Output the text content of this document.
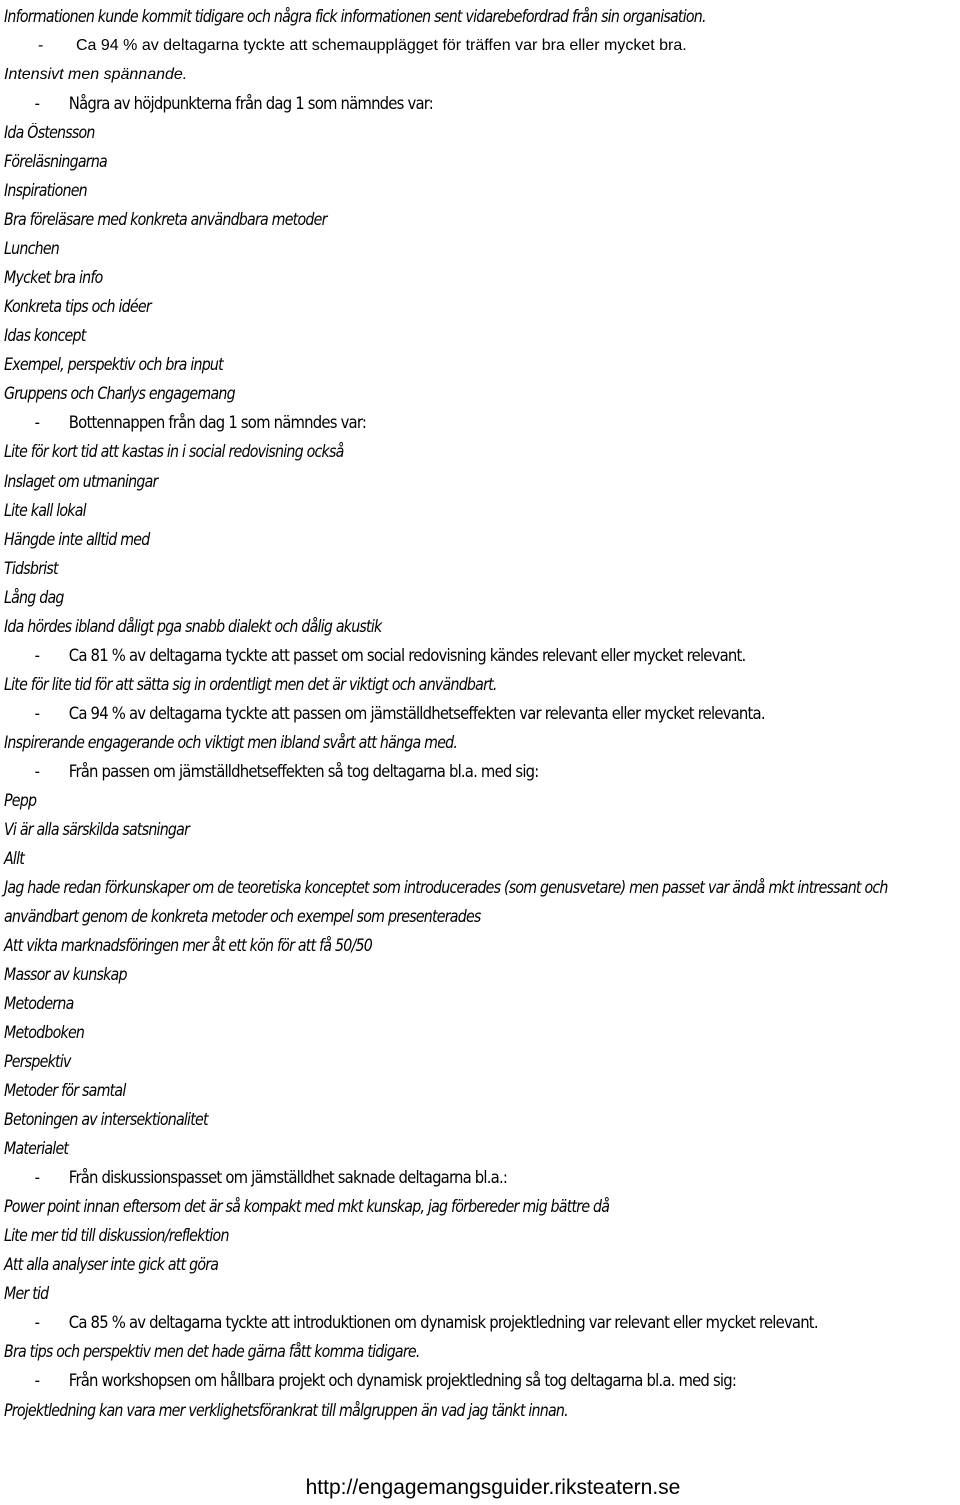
Informationen kunde kommit tidigare och några fick informationen sent vidarebefordrad från sin organisation.
- Ca 94 % av deltagarna tyckte att schemaupplägget för träffen var bra eller mycket bra.
Intensivt men spännande.
- Några av höjdpunkterna från dag 1 som nämndes var:
Ida Östensson
Föreläsningarna
Inspirationen
Bra föreläsare med konkreta användbara metoder
Lunchen
Mycket bra info
Konkreta tips och idéer
Idas koncept
Exempel, perspektiv och bra input
Gruppens och Charlys engagemang
- Bottennappen från dag 1 som nämndes var:
Lite för kort tid att kastas in i social redovisning också
Inslaget om utmaningar
Lite kall lokal
Hängde inte alltid med
Tidsbrist
Lång dag
Ida hördes ibland dåligt pga snabb dialekt och dålig akustik
- Ca 81 % av deltagarna tyckte att passet om social redovisning kändes relevant eller mycket relevant.
Lite för lite tid för att sätta sig in ordentligt men det är viktigt och användbart.
- Ca 94 % av deltagarna tyckte att passen om jämställdhetseffekten var relevanta eller mycket relevanta.
Inspirerande engagerande och viktigt men ibland svårt att hänga med.
- Från passen om jämställdhetseffekten så tog deltagarna bl.a. med sig:
Pepp
Vi är alla särskilda satsningar
Allt
Jag hade redan förkunskaper om de teoretiska konceptet som introducerades (som genusvetare) men passet var ändå mkt intressant och användbart genom de konkreta metoder och exempel som presenterades
Att vikta marknadsföringen mer åt ett kön för att få 50/50
Massor av kunskap
Metoderna
Metodboken
Perspektiv
Metoder för samtal
Betoningen av intersektionalitet
Materialet
- Från diskussionspasset om jämställdhet saknade deltagarna bl.a.:
Power point innan eftersom det är så kompakt med mkt kunskap, jag förbereder mig bättre då
Lite mer tid till diskussion/reflektion
Att alla analyser inte gick att göra
Mer tid
- Ca 85 % av deltagarna tyckte att introduktionen om dynamisk projektledning var relevant eller mycket relevant.
Bra tips och perspektiv men det hade gärna fått komma tidigare.
- Från workshopsen om hållbara projekt och dynamisk projektledning så tog deltagarna bl.a. med sig:
Projektledning kan vara mer verklighetsförankrat till målgruppen än vad jag tänkt innan.
http://engagemangsguider.riksteatern.se
